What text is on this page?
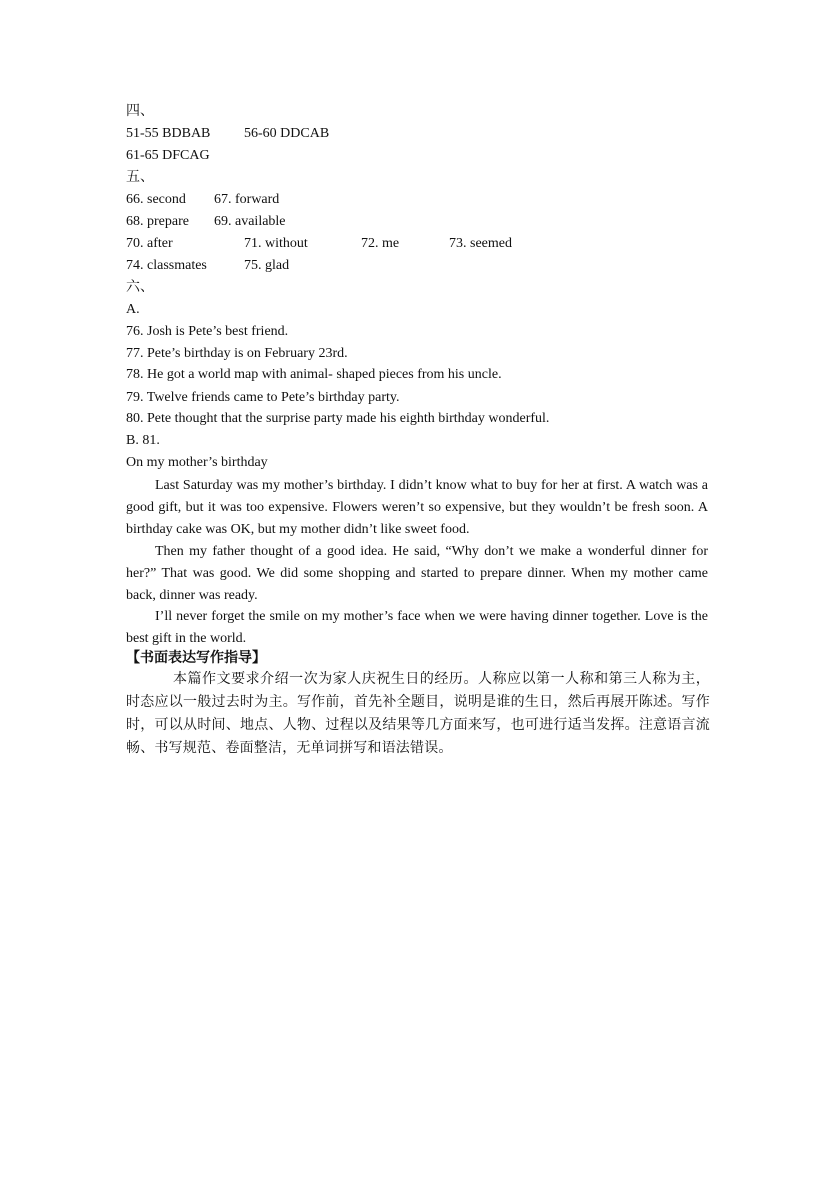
四、
51-55 BDBAB 56-60 DDCAB
61-65 DFCAG
五、
66. second 67. forward
68. prepare 69. available
70. after	71. without	72. me	73. seemed
74. classmates	75. glad
六、
A.
76. Josh is Pete’s best friend.
77. Pete’s birthday is on February 23rd.
78. He got a world map with animal- shaped pieces from his uncle.
79. Twelve friends came to Pete’s birthday party.
80. Pete thought that the surprise party made his eighth birthday wonderful.
B. 81.
On my mother’s birthday
Last Saturday was my mother’s birthday. I didn’t know what to buy for her at first. A watch was a good gift, but it was too expensive. Flowers weren’t so expensive, but they wouldn’t be fresh soon. A birthday cake was OK, but my mother didn’t like sweet food.
Then my father thought of a good idea. He said, “Why don’t we make a wonderful dinner for her?” That was good. We did some shopping and started to prepare dinner. When my mother came back, dinner was ready.
I’ll never forget the smile on my mother’s face when we were having dinner together. Love is the best gift in the world.
【书面表达写作指导】
本篇作文要求介绍一次为家人庆祝生日的经历。人称应以第一人称和第三人称为主，时态应以一般过去时为主。写作前，首先补全题目，说明是谁的生日，然后再展开陈述。写作时，可以从时间、地点、人物、过程以及结果等几方面来写，也可进行适当发挥。注意语言流畅、书写规范、卷面整洁，无单词拼写和语法错误。
